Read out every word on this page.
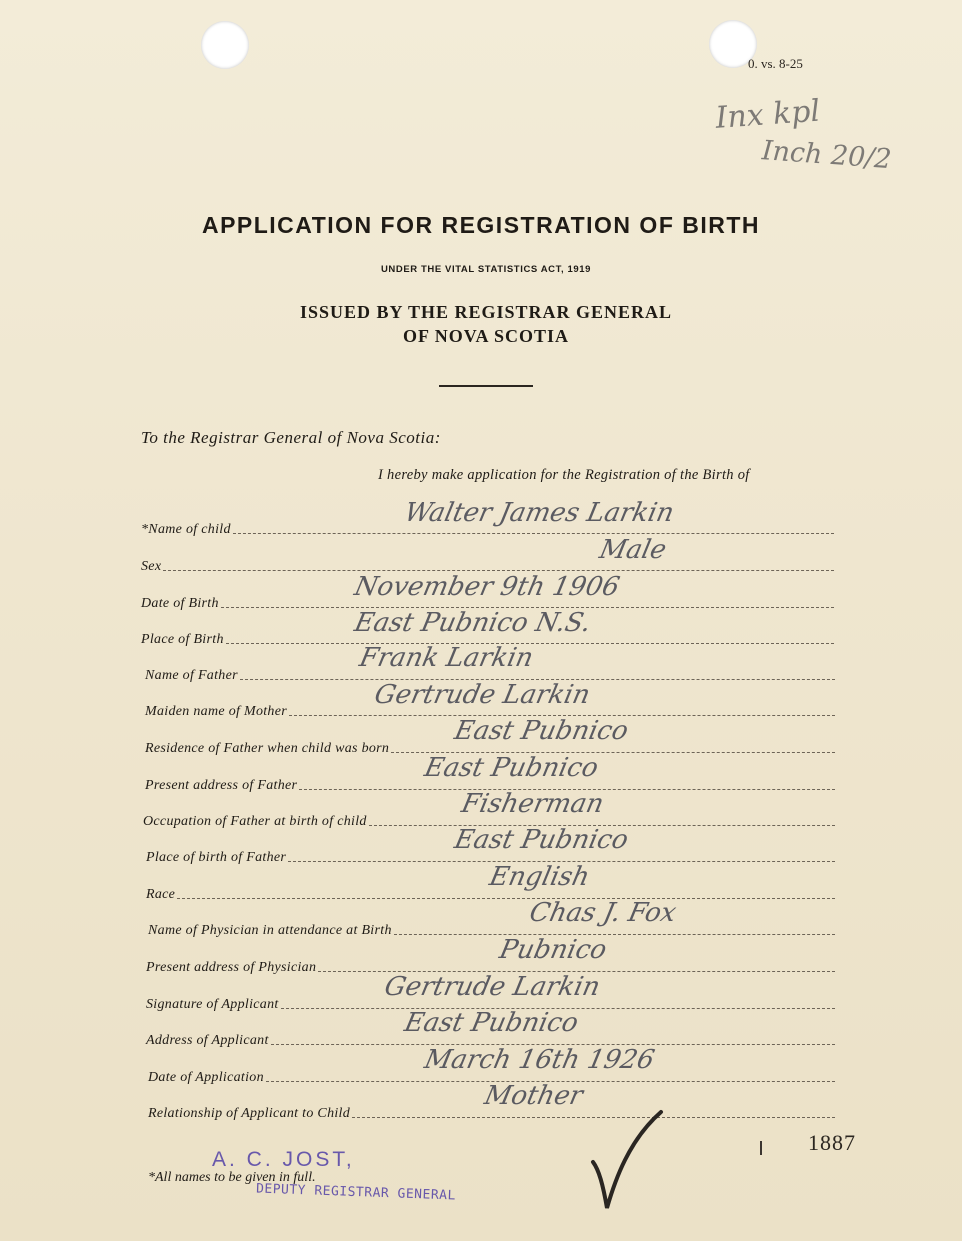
0. vs. 8-25
Inx kpl
Inch 20/2
APPLICATION FOR REGISTRATION OF BIRTH
UNDER THE VITAL STATISTICS ACT, 1919
ISSUED BY THE REGISTRAR GENERAL
OF NOVA SCOTIA
To the Registrar General of Nova Scotia:
I hereby make application for the Registration of the Birth of
*Name of child
Walter James Larkin
Sex
Male
Date of Birth
November 9th 1906
Place of Birth
East Pubnico N.S.
Name of Father
Frank Larkin
Maiden name of Mother
Gertrude Larkin
Residence of Father when child was born
East Pubnico
Present address of Father
East Pubnico
Occupation of Father at birth of child
Fisherman
Place of birth of Father
East Pubnico
Race
English
Name of Physician in attendance at Birth
Chas J. Fox
Present address of Physician
Pubnico
Signature of Applicant
Gertrude Larkin
Address of Applicant
East Pubnico
Date of Application
March 16th 1926
Relationship of Applicant to Child
Mother
*All names to be given in full.
A. C. JOST,
DEPUTY REGISTRAR GENERAL
1887
